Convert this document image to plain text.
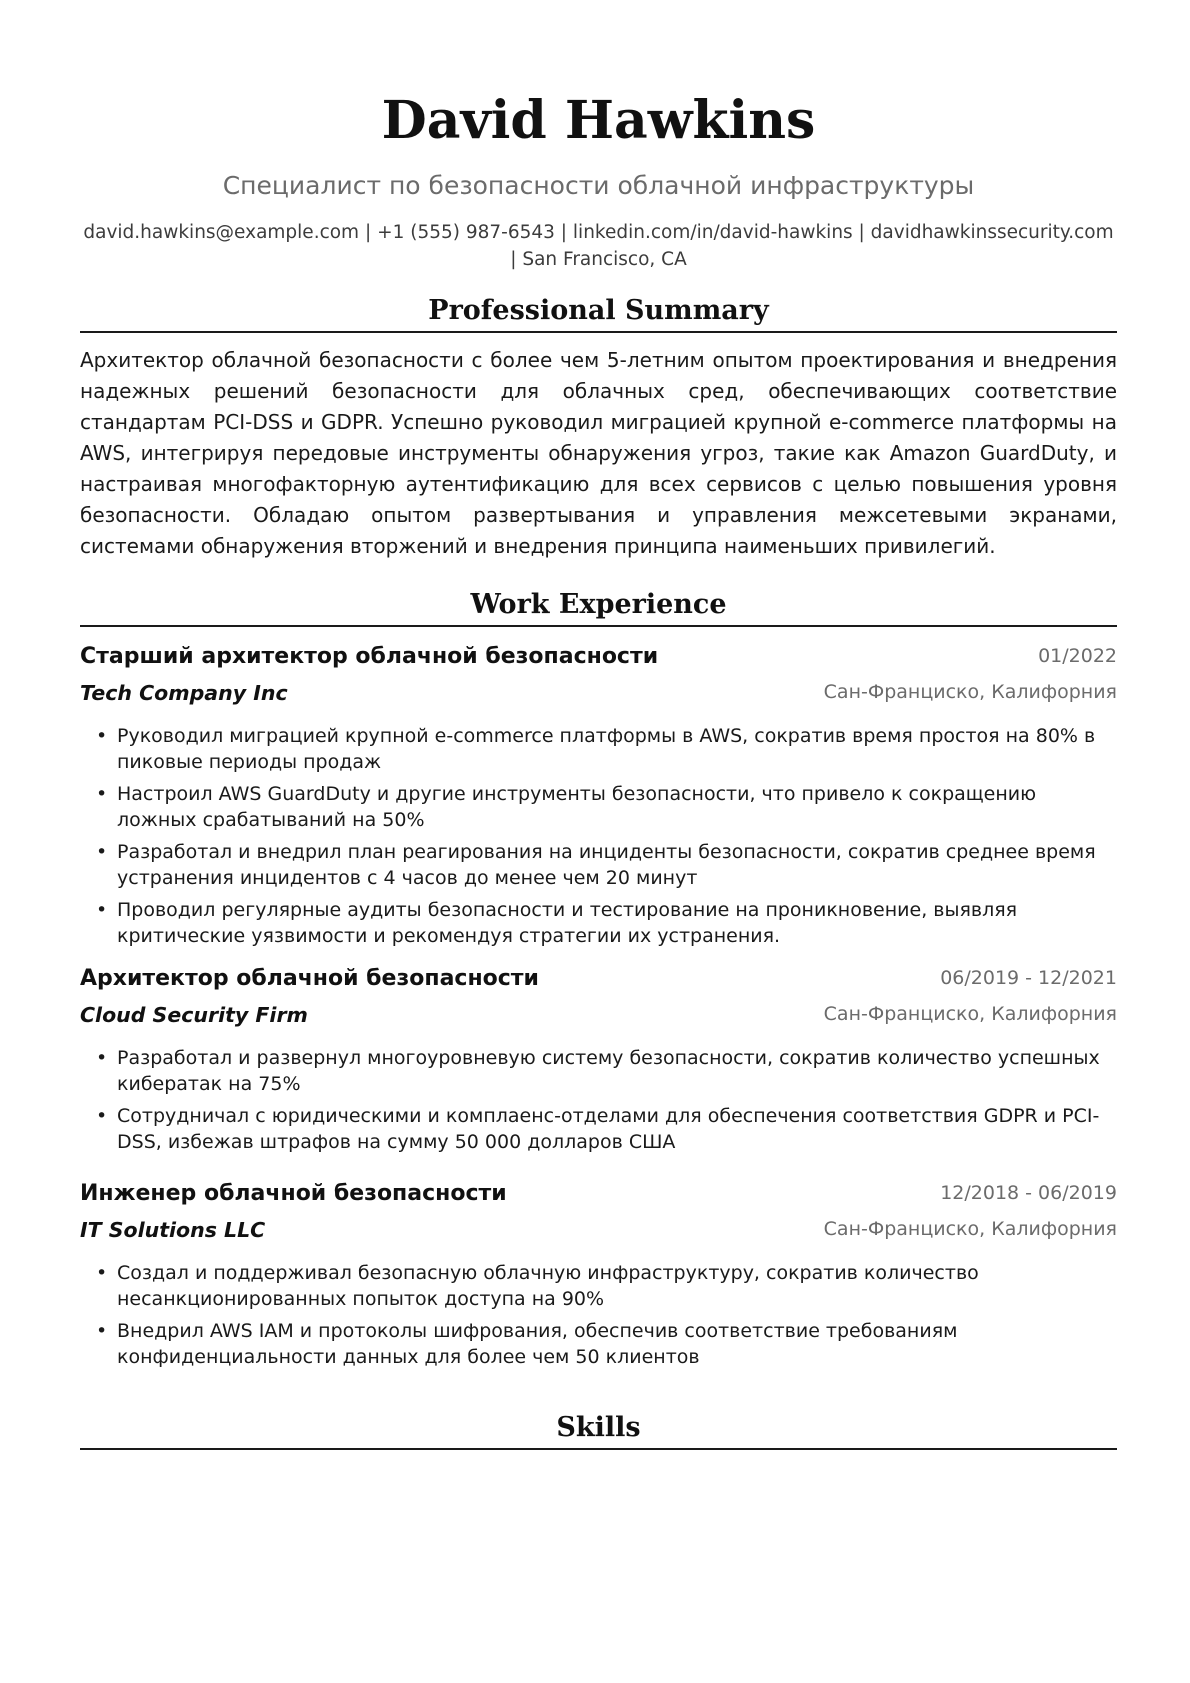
David Hawkins
Специалист по безопасности облачной инфраструктуры
david.hawkins@example.com | +1 (555) 987-6543 | linkedin.com/in/david-hawkins | davidhawkinssecurity.com
| San Francisco, CA
Professional Summary

Архитектор облачной безопасности с более чем 5-летним опытом проектирования и внедрения надежных решений безопасности для облачных сред, обеспечивающих соответствие стандартам PCI-DSS и GDPR. Успешно руководил миграцией крупной e-commerce платформы на AWS, интегрируя передовые инструменты обнаружения угроз, такие как Amazon GuardDuty, и настраивая многофакторную аутентификацию для всех сервисов с целью повышения уровня безопасности. Обладаю опытом развертывания и управления межсетевыми экранами, системами обнаружения вторжений и внедрения принципа наименьших привилегий.

Work Experience
Старший архитектор облачной безопасности	01/2022
Tech Company Inc	Сан-Франциско, Калифорния
• Руководил миграцией крупной e-commerce платформы в AWS, сократив время простоя на 80% в пиковые периоды продаж
• Настроил AWS GuardDuty и другие инструменты безопасности, что привело к сокращению ложных срабатываний на 50%
• Разработал и внедрил план реагирования на инциденты безопасности, сократив среднее время устранения инцидентов с 4 часов до менее чем 20 минут
• Проводил регулярные аудиты безопасности и тестирование на проникновение, выявляя критические уязвимости и рекомендуя стратегии их устранения.
Архитектор облачной безопасности	06/2019 - 12/2021
Cloud Security Firm	Сан-Франциско, Калифорния
• Разработал и развернул многоуровневую систему безопасности, сократив количество успешных кибератак на 75%
• Сотрудничал с юридическими и комплаенс-отделами для обеспечения соответствия GDPR и PCI-DSS, избежав штрафов на сумму 50 000 долларов США
Инженер облачной безопасности	12/2018 - 06/2019
IT Solutions LLC	Сан-Франциско, Калифорния
• Создал и поддерживал безопасную облачную инфраструктуру, сократив количество несанкционированных попыток доступа на 90%
• Внедрил AWS IAM и протоколы шифрования, обеспечив соответствие требованиям конфиденциальности данных для более чем 50 клиентов
Skills
